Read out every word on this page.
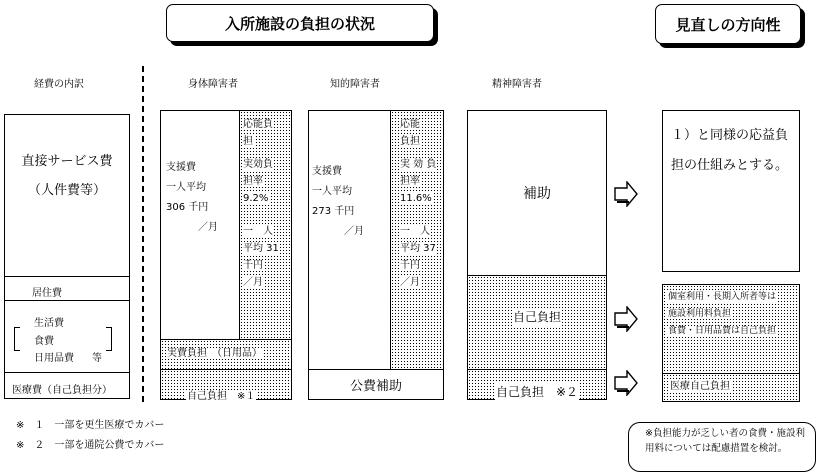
入所施設の負担の状況	見直しの方向性
経費の内訳	身体障害者	知的障害者	精神障害者
直接サービス費
（人件費等）
居住費
生活費
食費
日用品費 等
医療費（自己負担分）
支援費
一人平均
306 千円
／月
応能負
担
実効負
担率
9.2%
一　人
平均 31
千円
／月
実費負担　（日用品）
自己負担　※１
支援費
一人平均
273 千円
／月
応能
負担
実 効 負
担率
11.6%
一　人
平均 37
千円
／月
公費補助
補助
自己負担
自己負担　※２
１）と同様の応益負担の仕組みとする。
個室利用・長期入所者等は
施設利用料負担
食費・日用品費は自己負担
医療自己負担
※負担能力が乏しい者の食費・施設利用料については配慮措置を検討。
※　１　一部を更生医療でカバー
※　２　一部を通院公費でカバー
